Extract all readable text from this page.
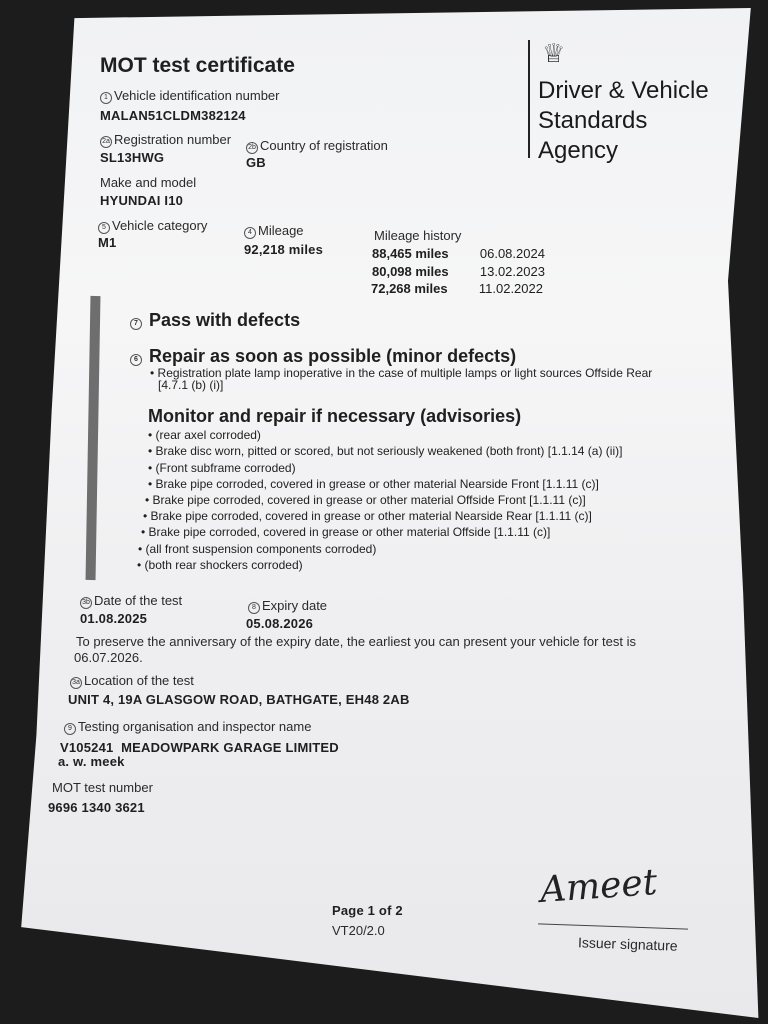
MOT test certificate	♕
Driver & Vehicle
Standards
Agency
1 Vehicle identification number
MALAN51CLDM382124
2a Registration number
SL13HWG
2b Country of registration
GB
Make and model
HYUNDAI I10
5 Vehicle category
M1
4 Mileage
92,218 miles
Mileage history
88,465 miles 06.08.2024
80,098 miles 13.02.2023
72,268 miles 11.02.2022
7 Pass with defects
6 Repair as soon as possible (minor defects)
• Registration plate lamp inoperative in the case of multiple lamps or light sources Offside Rear
[4.7.1 (b) (i)]
Monitor and repair if necessary (advisories)
• (rear axel corroded)
• Brake disc worn, pitted or scored, but not seriously weakened (both front) [1.1.14 (a) (ii)]
• (Front subframe corroded)
• Brake pipe corroded, covered in grease or other material Nearside Front [1.1.11 (c)]
• Brake pipe corroded, covered in grease or other material Offside Front [1.1.11 (c)]
• Brake pipe corroded, covered in grease or other material Nearside Rear [1.1.11 (c)]
• Brake pipe corroded, covered in grease or other material Offside [1.1.11 (c)]
• (all front suspension components corroded)
• (both rear shockers corroded)
3b Date of the test
01.08.2025
8 Expiry date
05.08.2026
To preserve the anniversary of the expiry date, the earliest you can present your vehicle for test is
06.07.2026.
3a Location of the test
UNIT 4, 19A GLASGOW ROAD, BATHGATE, EH48 2AB
9 Testing organisation and inspector name
V105241  MEADOWPARK GARAGE LIMITED
a. w. meek
MOT test number
9696 1340 3621
Page 1 of 2
VT20/2.0
Ameet
Issuer signature
